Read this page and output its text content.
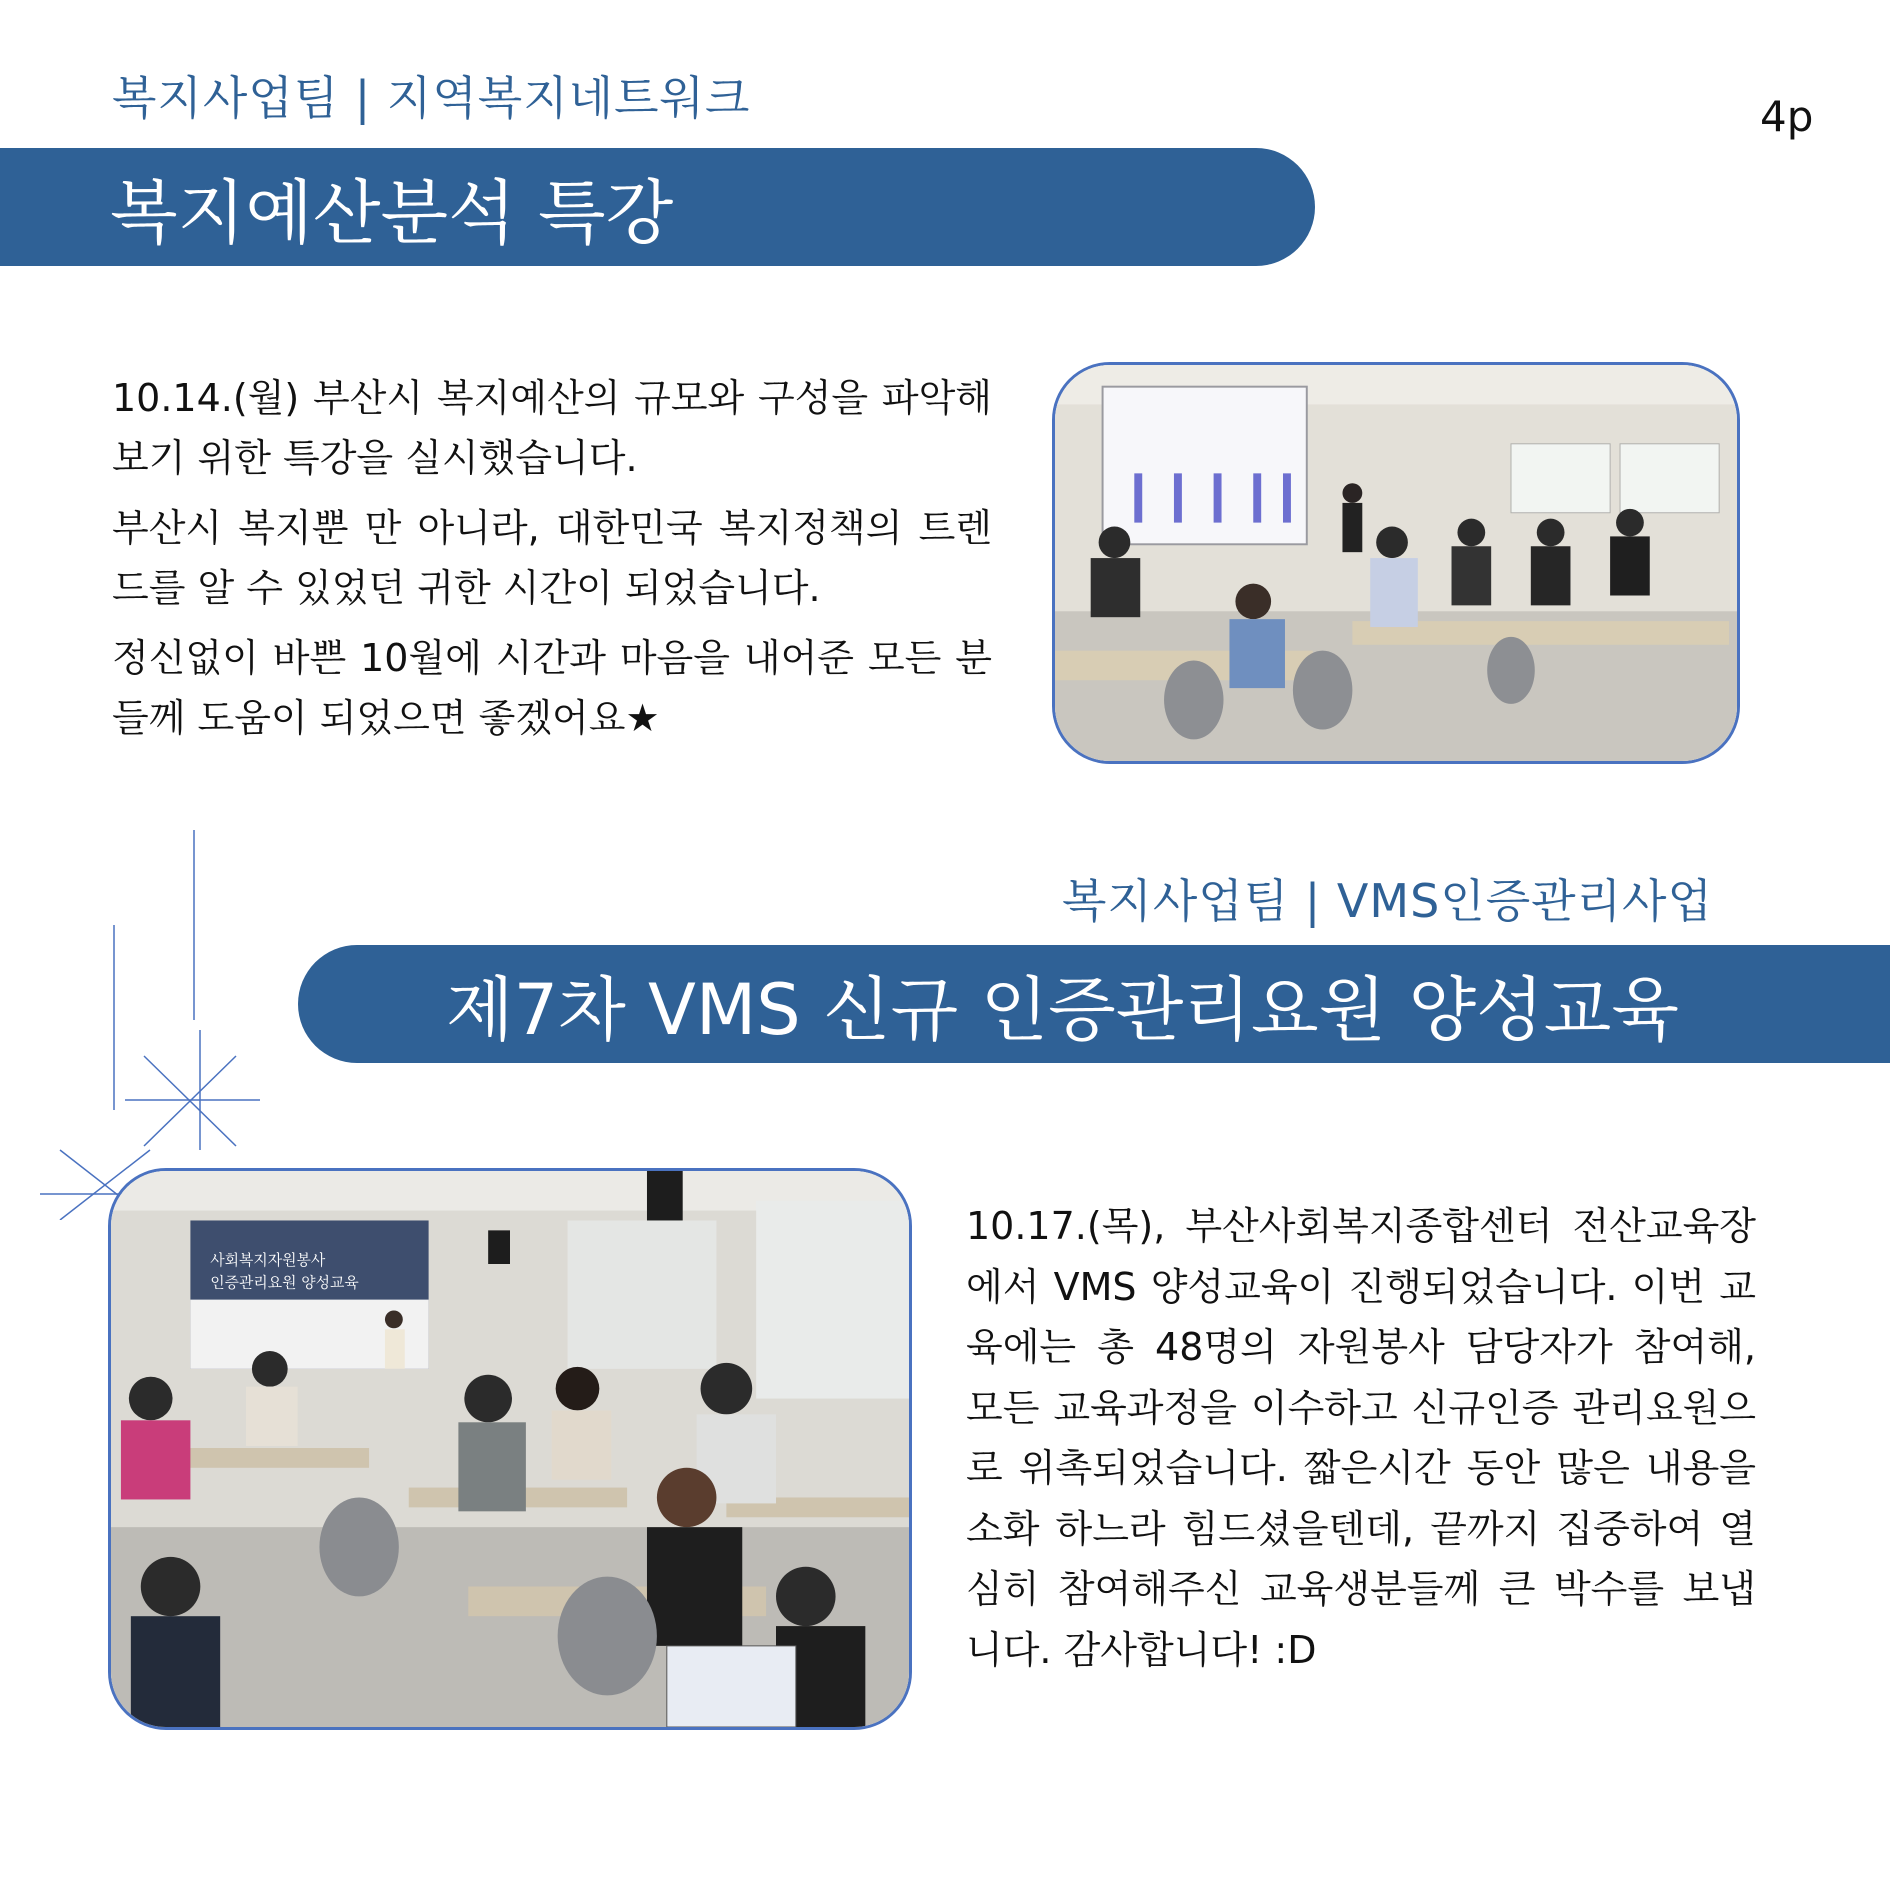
복지사업팀 | 지역복지네트워크	4p
복지예산분석 특강

10.14.(월) 부산시 복지예산의 규모와 구성을 파악해 보기 위한 특강을 실시했습니다.

부산시 복지뿐 만 아니라, 대한민국 복지정책의 트렌드를 알 수 있었던 귀한 시간이 되었습니다.

정신없이 바쁜 10월에 시간과 마음을 내어준 모든 분들께 도움이 되었으면 좋겠어요★

복지사업팀 | VMS인증관리사업
제7차 VMS 신규 인증관리요원 양성교육
사회복지자원봉사
인증관리요원 양성교육

10.17.(목), 부산사회복지종합센터 전산교육장에서 VMS 양성교육이 진행되었습니다. 이번 교육에는 총 48명의 자원봉사 담당자가 참여해, 모든 교육과정을 이수하고 신규인증 관리요원으로 위촉되었습니다. 짧은시간 동안 많은 내용을 소화 하느라 힘드셨을텐데, 끝까지 집중하여 열심히 참여해주신 교육생분들께 큰 박수를 보냅니다. 감사합니다! :D
